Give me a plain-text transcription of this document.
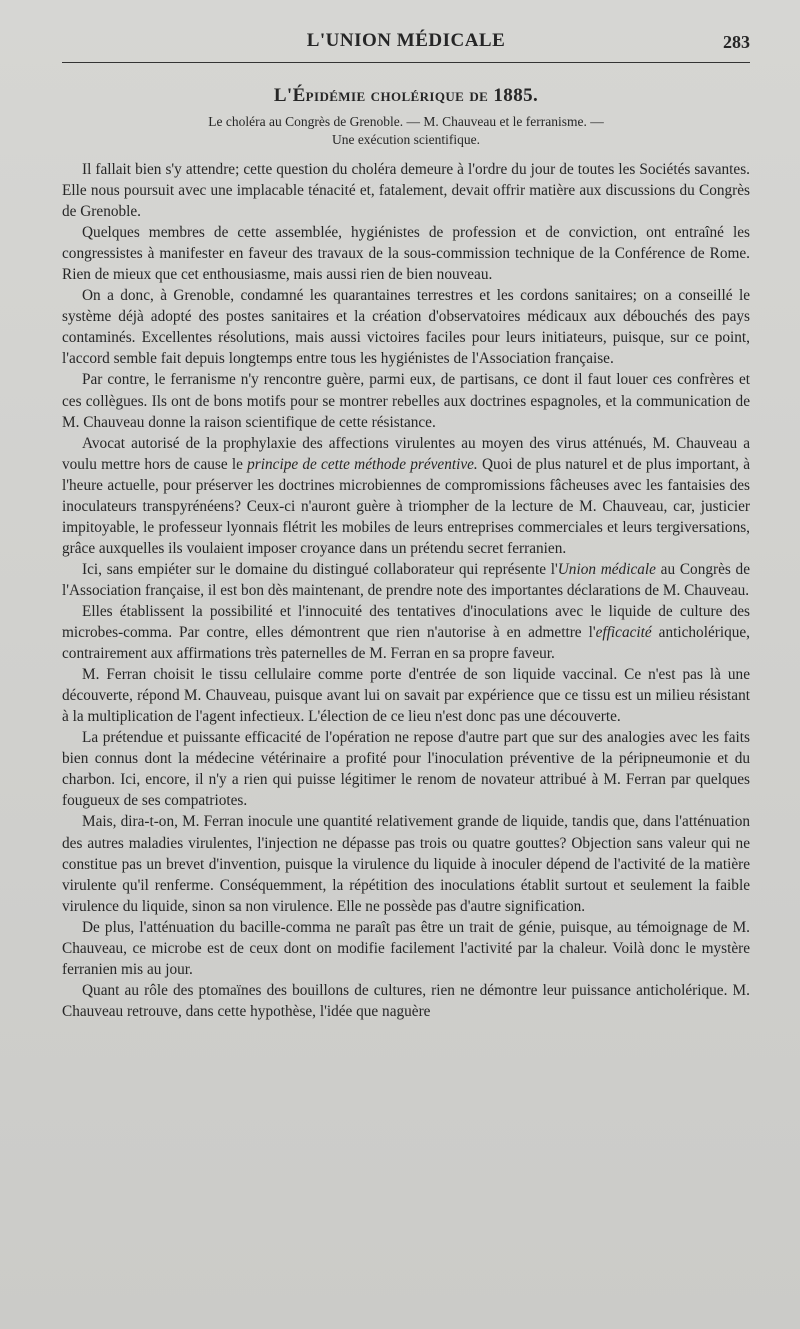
L'UNION MÉDICALE	283
L'Épidémie cholérique de 1885.
Le choléra au Congrès de Grenoble. — M. Chauveau et le ferranisme. —
Une exécution scientifique.

Il fallait bien s'y attendre; cette question du choléra demeure à l'ordre du jour de toutes les Sociétés savantes. Elle nous poursuit avec une implacable ténacité et, fatalement, devait offrir matière aux discussions du Congrès de Grenoble.

Quelques membres de cette assemblée, hygiénistes de profession et de conviction, ont entraîné les congressistes à manifester en faveur des travaux de la sous-commission technique de la Conférence de Rome. Rien de mieux que cet enthousiasme, mais aussi rien de bien nouveau.

On a donc, à Grenoble, condamné les quarantaines terrestres et les cordons sanitaires; on a conseillé le système déjà adopté des postes sanitaires et la création d'observatoires médicaux aux débouchés des pays contaminés. Excellentes résolutions, mais aussi victoires faciles pour leurs initiateurs, puisque, sur ce point, l'accord semble fait depuis longtemps entre tous les hygiénistes de l'Association française.

Par contre, le ferranisme n'y rencontre guère, parmi eux, de partisans, ce dont il faut louer ces confrères et ces collègues. Ils ont de bons motifs pour se montrer rebelles aux doctrines espagnoles, et la communication de M. Chauveau donne la raison scientifique de cette résistance.

Avocat autorisé de la prophylaxie des affections virulentes au moyen des virus atténués, M. Chauveau a voulu mettre hors de cause le principe de cette méthode préventive. Quoi de plus naturel et de plus important, à l'heure actuelle, pour préserver les doctrines microbiennes de compromissions fâcheuses avec les fantaisies des inoculateurs transpyrénéens? Ceux-ci n'auront guère à triompher de la lecture de M. Chauveau, car, justicier impitoyable, le professeur lyonnais flétrit les mobiles de leurs entreprises commerciales et leurs tergiversations, grâce auxquelles ils voulaient imposer croyance dans un prétendu secret ferranien.

Ici, sans empiéter sur le domaine du distingué collaborateur qui représente l'Union médicale au Congrès de l'Association française, il est bon dès maintenant, de prendre note des importantes déclarations de M. Chauveau.

Elles établissent la possibilité et l'innocuité des tentatives d'inoculations avec le liquide de culture des microbes-comma. Par contre, elles démontrent que rien n'autorise à en admettre l'efficacité anticholérique, contrairement aux affirmations très paternelles de M. Ferran en sa propre faveur.

M. Ferran choisit le tissu cellulaire comme porte d'entrée de son liquide vaccinal. Ce n'est pas là une découverte, répond M. Chauveau, puisque avant lui on savait par expérience que ce tissu est un milieu résistant à la multiplication de l'agent infectieux. L'élection de ce lieu n'est donc pas une découverte.

La prétendue et puissante efficacité de l'opération ne repose d'autre part que sur des analogies avec les faits bien connus dont la médecine vétérinaire a profité pour l'inoculation préventive de la péripneumonie et du charbon. Ici, encore, il n'y a rien qui puisse légitimer le renom de novateur attribué à M. Ferran par quelques fougueux de ses compatriotes.

Mais, dira-t-on, M. Ferran inocule une quantité relativement grande de liquide, tandis que, dans l'atténuation des autres maladies virulentes, l'injection ne dépasse pas trois ou quatre gouttes? Objection sans valeur qui ne constitue pas un brevet d'invention, puisque la virulence du liquide à inoculer dépend de l'activité de la matière virulente qu'il renferme. Conséquemment, la répétition des inoculations établit surtout et seulement la faible virulence du liquide, sinon sa non virulence. Elle ne possède pas d'autre signification.

De plus, l'atténuation du bacille-comma ne paraît pas être un trait de génie, puisque, au témoignage de M. Chauveau, ce microbe est de ceux dont on modifie facilement l'activité par la chaleur. Voilà donc le mystère ferranien mis au jour.

Quant au rôle des ptomaïnes des bouillons de cultures, rien ne démontre leur puissance anticholérique. M. Chauveau retrouve, dans cette hypothèse, l'idée que naguère
